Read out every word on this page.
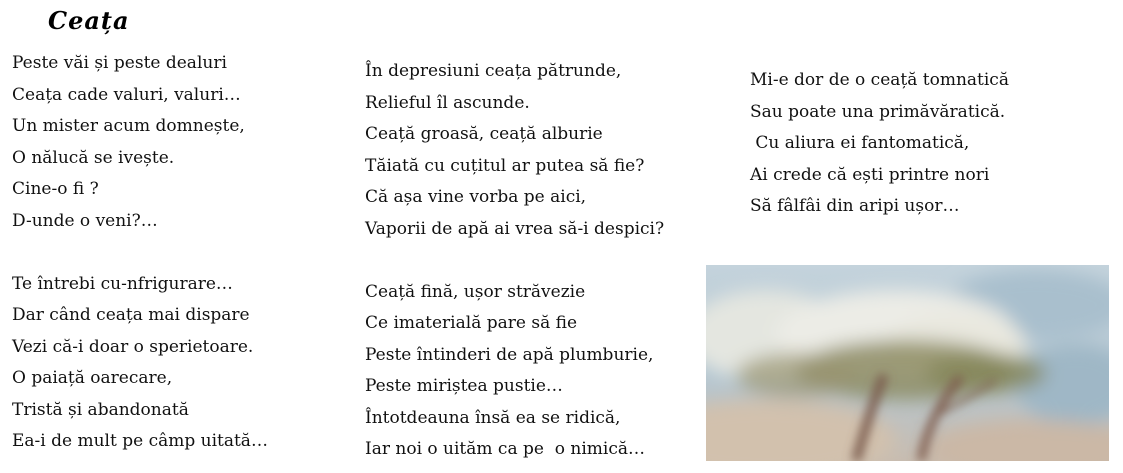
Ceața
Peste văi și peste dealuri
Ceața cade valuri, valuri…
Un mister acum domnește,
O nălucă se ivește.
Cine-o fi ?
D-unde o veni?…
Te întrebi cu-nfrigurare…
Dar când ceața mai dispare
Vezi că-i doar o sperietoare.
O paiață oarecare,
Tristă și abandonată
Ea-i de mult pe câmp uitată…
În depresiuni ceața pătrunde,
Relieful îl ascunde.
Ceață groasă, ceață alburie
Tăiată cu cuțitul ar putea să fie?
Că așa vine vorba pe aici,
Vaporii de apă ai vrea să-i despici?
Ceață fină, ușor străvezie
Ce imaterială pare să fie
Peste întinderi de apă plumburie,
Peste miriștea pustie…
Întotdeauna însă ea se ridică,
Iar noi o uităm ca pe  o nimică…
Mi-e dor de o ceață tomnatică
Sau poate una primăvăratică.
Cu aliura ei fantomatică,
Ai crede că ești printre nori
Să fâlfâi din aripi ușor…
